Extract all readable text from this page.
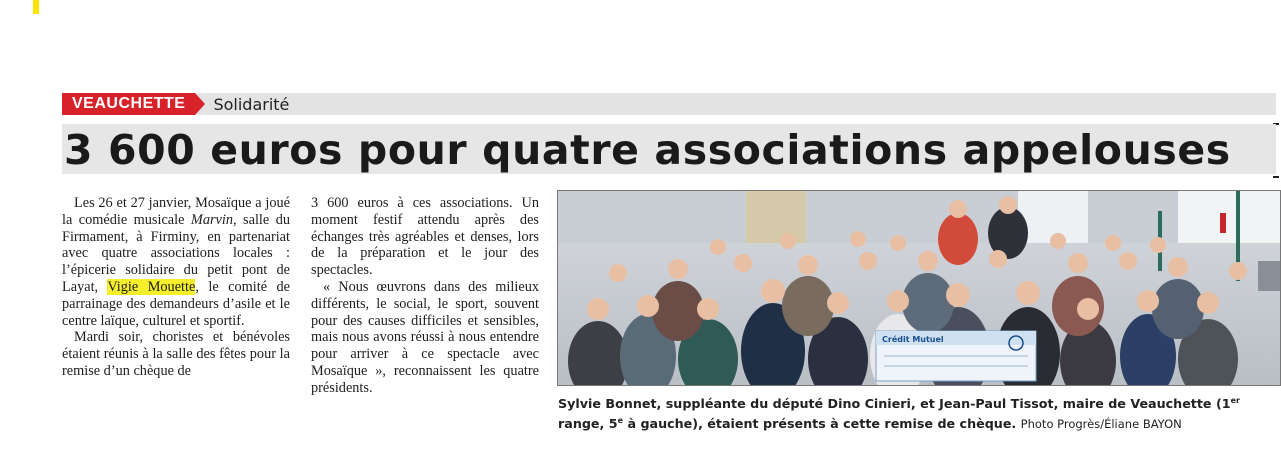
VEAUCHETTE	Solidarité
3 600 euros pour quatre associations appelouses

Les 26 et 27 janvier, Mosaïque a joué la comédie musicale Marvin, salle du Firmament, à Firminy, en partenariat avec quatre associations locales : l’épicerie solidaire du petit pont de Layat, Vigie Mouette, le comité de parrainage des demandeurs d’asile et le centre laïque, culturel et sportif.

Mardi soir, choristes et bénévoles étaient réunis à la salle des fêtes pour la remise d’un chèque de

3 600 euros à ces associations. Un moment festif attendu après des échanges très agréables et denses, lors de la préparation et le jour des spectacles.

« Nous œuvrons dans des milieux différents, le social, le sport, souvent pour des causes difficiles et sensibles, mais nous avons réussi à nous entendre pour arriver à ce spectacle avec Mosaïque », reconnaissent les quatre présidents.

Crédit Mutuel
Sylvie Bonnet, suppléante du député Dino Cinieri, et Jean-Paul Tissot, maire de Veauchette (1er range, 5e à gauche), étaient présents à cette remise de chèque. Photo Progrès/Éliane BAYON
